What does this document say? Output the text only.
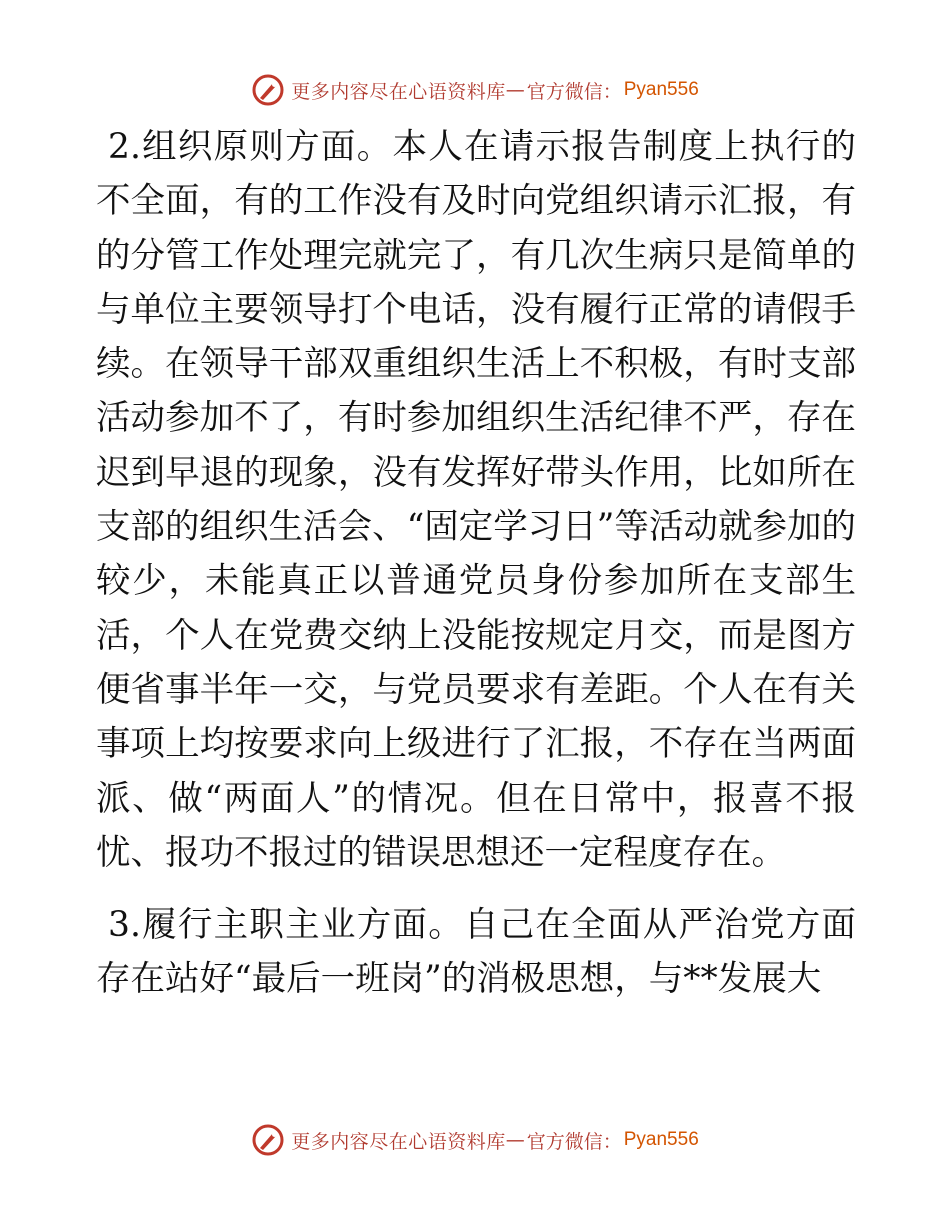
更多内容尽在心语资料库 — 官方微信： Pyan556

2.组织原则方面。本人在请示报告制度上执行的不全面，有的工作没有及时向党组织请示汇报，有的分管工作处理完就完了，有几次生病只是简单的与单位主要领导打个电话，没有履行正常的请假手续。在领导干部双重组织生活上不积极，有时支部活动参加不了，有时参加组织生活纪律不严，存在迟到早退的现象，没有发挥好带头作用，比如所在支部的组织生活会、“固定学习日”等活动就参加的较少，未能真正以普通党员身份参加所在支部生活，个人在党费交纳上没能按规定月交，而是图方便省事半年一交，与党员要求有差距。个人在有关事项上均按要求向上级进行了汇报，不存在当两面派、做“两面人”的情况。但在日常中，报喜不报忧、报功不报过的错误思想还一定程度存在。

3.履行主职主业方面。自己在全面从严治党方面存在站好“最后一班岗”的消极思想，与**发展大

更多内容尽在心语资料库 — 官方微信： Pyan556
